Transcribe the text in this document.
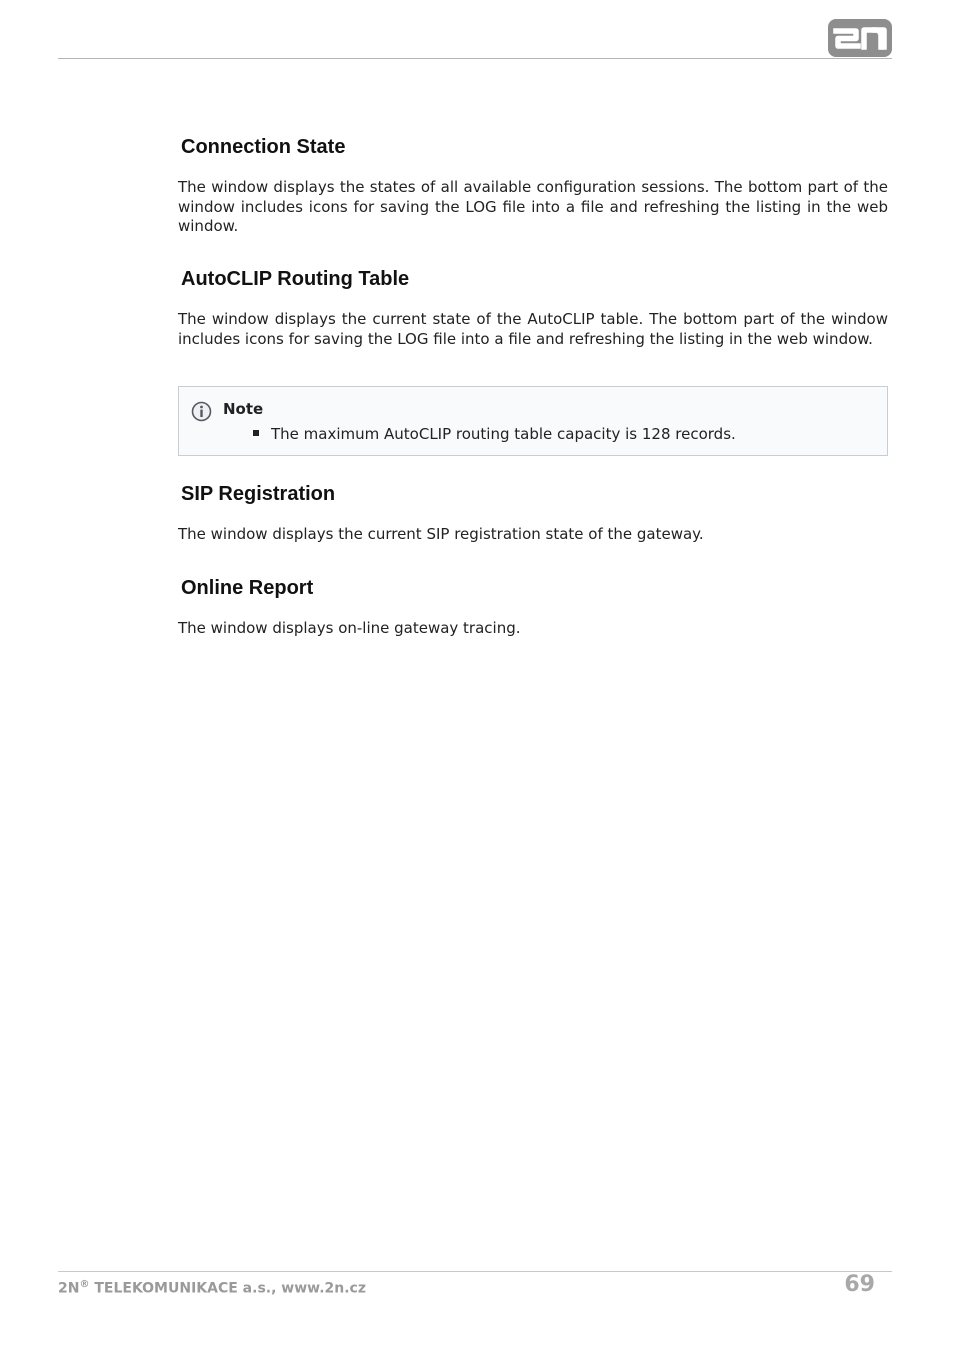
Connection State

The window displays the states of all available configuration sessions. The bottom part of the window includes icons for saving the LOG file into a file and refreshing the listing in the web window.

AutoCLIP Routing Table

The window displays the current state of the AutoCLIP table. The bottom part of the window includes icons for saving the LOG file into a file and refreshing the listing in the web window.

Note
The maximum AutoCLIP routing table capacity is 128 records.
SIP Registration

The window displays the current SIP registration state of the gateway.

Online Report

The window displays on-line gateway tracing.

2N® TELEKOMUNIKACE a.s., www.2n.cz	69
